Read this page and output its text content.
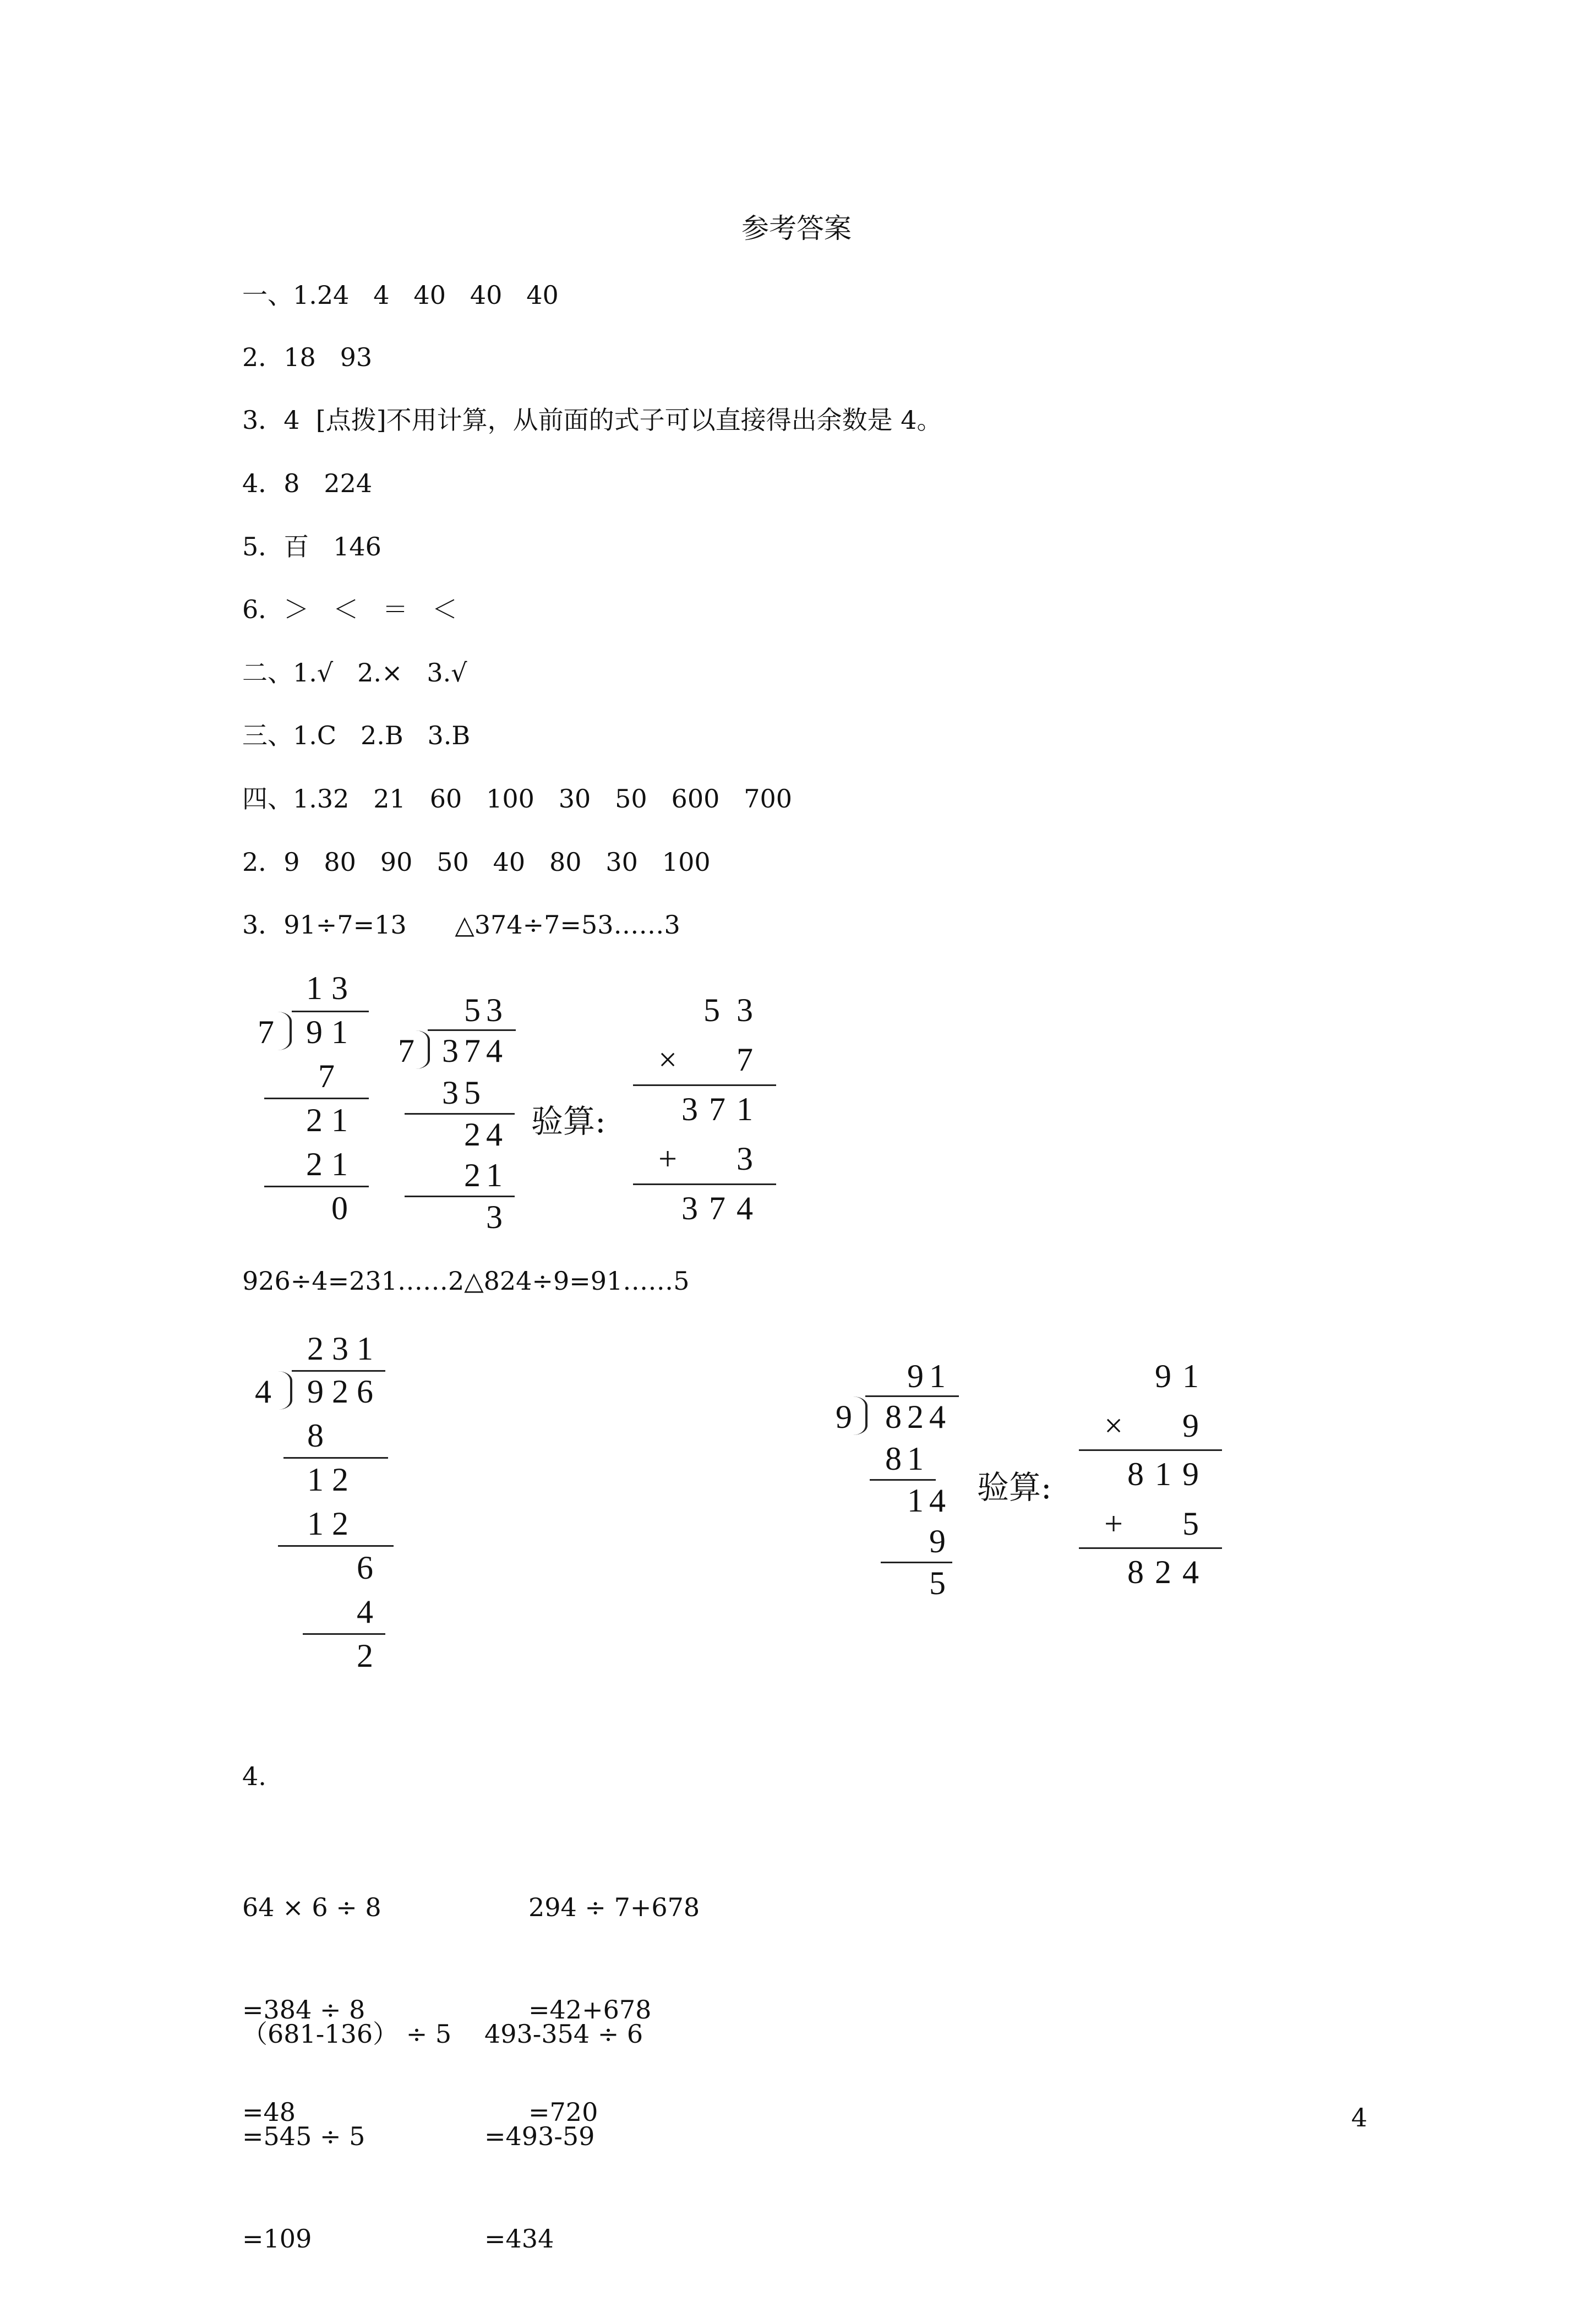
参考答案
一、1.24   4   40   40   40
2．18   93
3．4  [点拨]不用计算，从前面的式子可以直接得出余数是 4。
4．8   224
5．百   146
6．＞   ＜   ＝   ＜
二、1.√   2.×   3.√
三、1.C   2.B   3.B
四、1.32   21   60   100   30   50   600   700
2．9   80   90   50   40   80   30   100
3．91÷7=13      △374÷7=53……3
1 3
7 9 1
7
2 1
2 1
0
5 3
7 3 7 4
3 5
2 4
2 1
3
验算:
5 3
× 7
3 7 1
+ 3
3 7 4
926÷4=231……2△824÷9=91……5
2 3 1
4 9 2 6
8
1 2
1 2
6
4
2
9 1
9 8 2 4
8 1
1 4
9
5
验算:
9 1
× 9
8 1 9
+ 5
8 2 4
4.

64 × 6 ÷ 8

=384 ÷ 8

=48

294 ÷ 7+678

=42+678

=720

（681-136） ÷ 5

=545 ÷ 5

=109

493-354 ÷ 6

=493-59

=434

4
